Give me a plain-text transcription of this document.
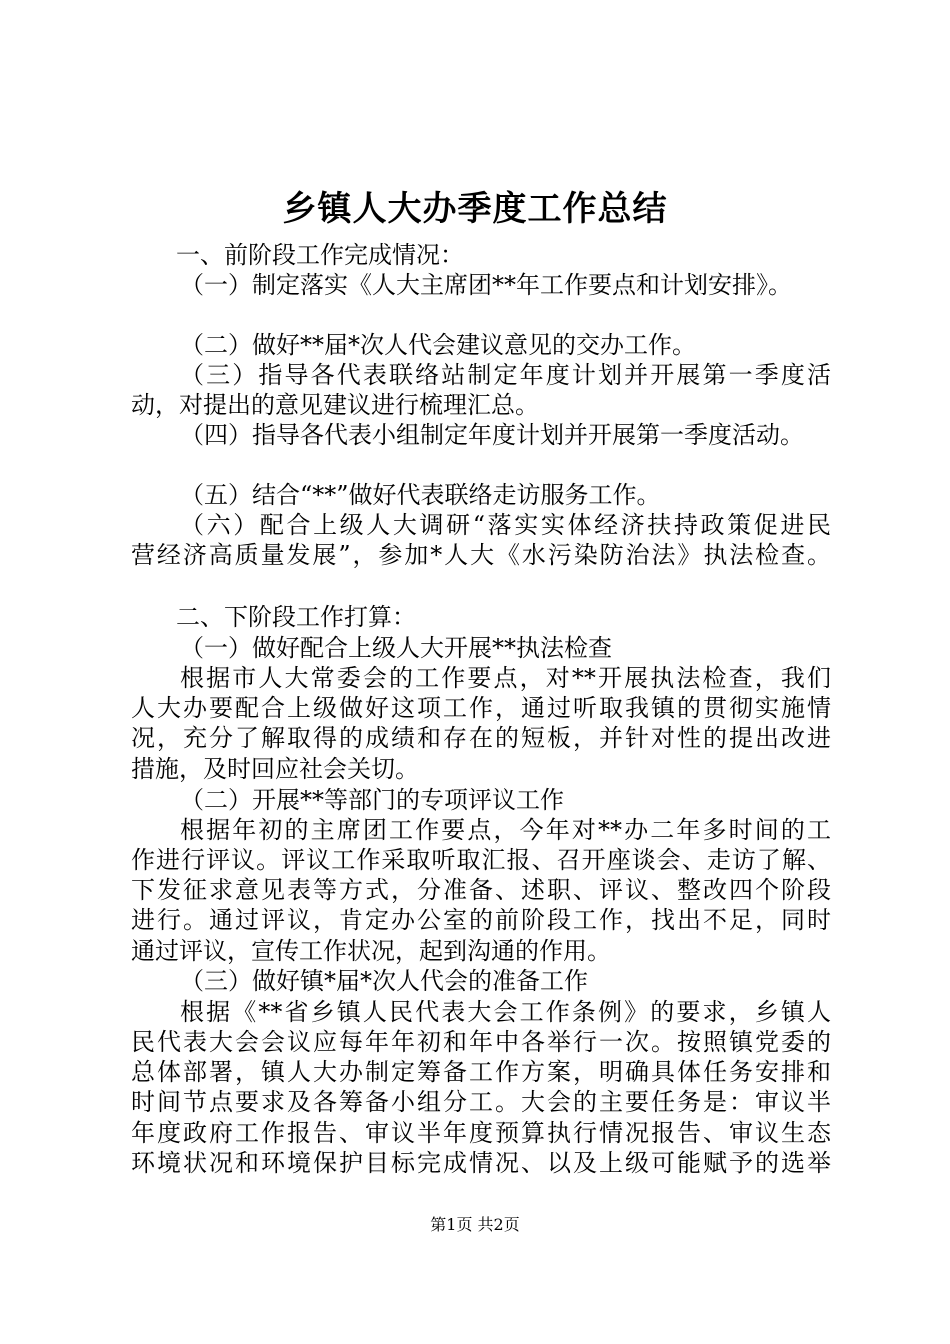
乡镇人大办季度工作总结
一、前阶段工作完成情况：
（一）制定落实《人大主席团**年工作要点和计划安排》。
（二）做好**届*次人代会建议意见的交办工作。
（三）指导各代表联络站制定年度计划并开展第一季度活
动，对提出的意见建议进行梳理汇总。
（四）指导各代表小组制定年度计划并开展第一季度活动。
（五）结合“**”做好代表联络走访服务工作。
（六）配合上级人大调研“落实实体经济扶持政策促进民
营经济高质量发展”，参加*人大《水污染防治法》执法检查。
二、下阶段工作打算：
（一）做好配合上级人大开展**执法检查
根据市人大常委会的工作要点，对**开展执法检查，我们
人大办要配合上级做好这项工作，通过听取我镇的贯彻实施情
况，充分了解取得的成绩和存在的短板，并针对性的提出改进
措施，及时回应社会关切。
（二）开展**等部门的专项评议工作
根据年初的主席团工作要点，今年对**办二年多时间的工
作进行评议。评议工作采取听取汇报、召开座谈会、走访了解、
下发征求意见表等方式，分准备、述职、评议、整改四个阶段
进行。通过评议，肯定办公室的前阶段工作，找出不足，同时
通过评议，宣传工作状况，起到沟通的作用。
（三）做好镇*届*次人代会的准备工作
根据《**省乡镇人民代表大会工作条例》的要求，乡镇人
民代表大会会议应每年年初和年中各举行一次。按照镇党委的
总体部署，镇人大办制定筹备工作方案，明确具体任务安排和
时间节点要求及各筹备小组分工。大会的主要任务是：审议半
年度政府工作报告、审议半年度预算执行情况报告、审议生态
环境状况和环境保护目标完成情况、以及上级可能赋予的选举
第1页 共2页
